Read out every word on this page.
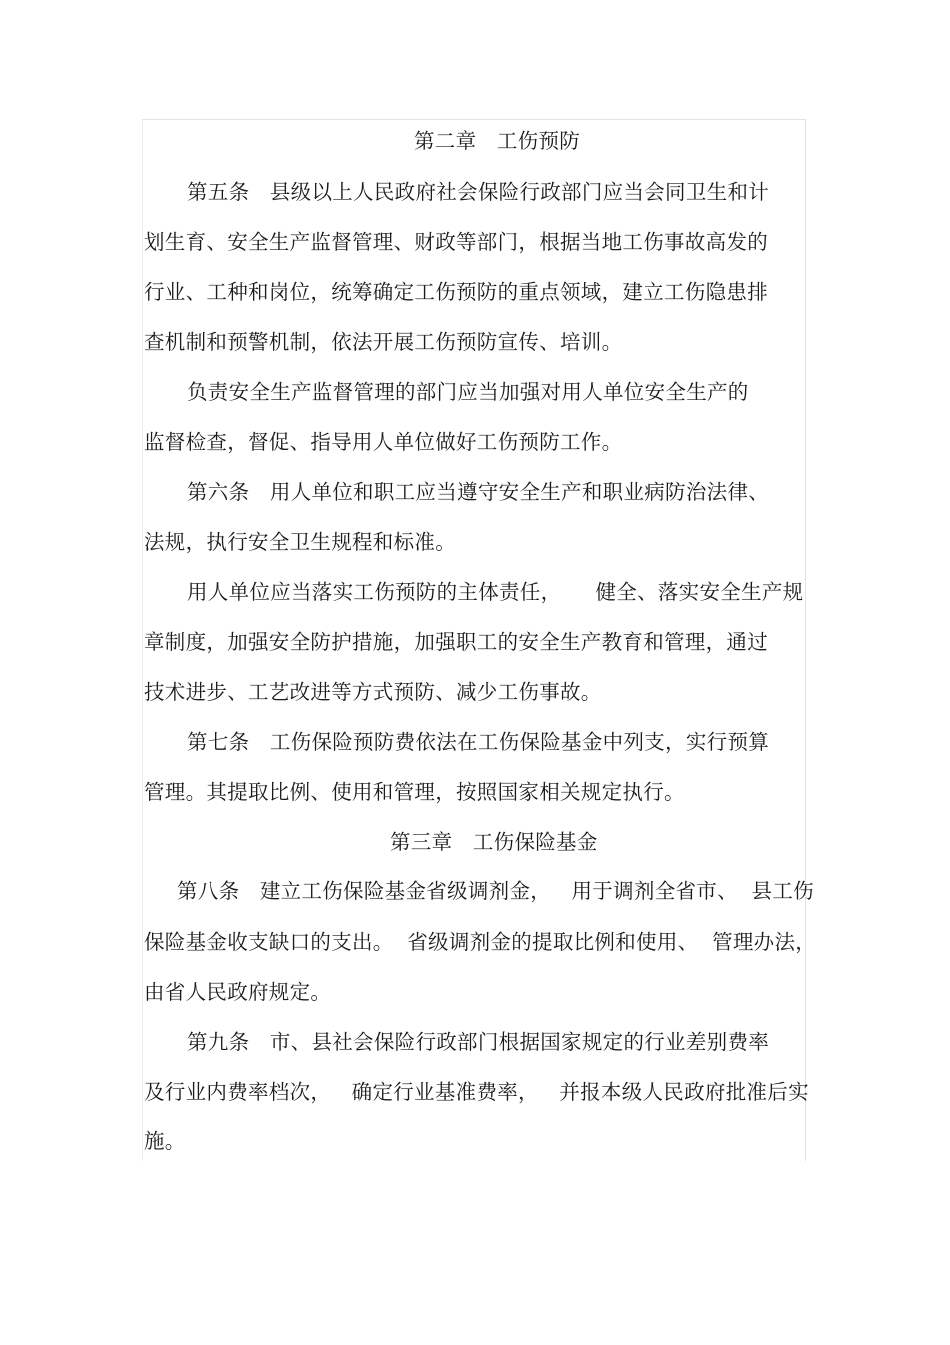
第二章   工伤预防
第五条   县级以上人民政府社会保险行政部门应当会同卫生和计
划生育、安全生产监督管理、财政等部门，根据当地工伤事故高发的
行业、工种和岗位，统筹确定工伤预防的重点领域，建立工伤隐患排
查机制和预警机制，依法开展工伤预防宣传、培训。
负责安全生产监督管理的部门应当加强对用人单位安全生产的
监督检查，督促、指导用人单位做好工伤预防工作。
第六条   用人单位和职工应当遵守安全生产和职业病防治法律、
法规，执行安全卫生规程和标准。
用人单位应当落实工伤预防的主体责任，     健全、落实安全生产规
章制度，加强安全防护措施，加强职工的安全生产教育和管理，通过
技术进步、工艺改进等方式预防、减少工伤事故。
第七条   工伤保险预防费依法在工伤保险基金中列支，实行预算
管理。其提取比例、使用和管理，按照国家相关规定执行。
第三章   工伤保险基金
第八条   建立工伤保险基金省级调剂金，   用于调剂全省市、  县工伤
保险基金收支缺口的支出。  省级调剂金的提取比例和使用、  管理办法，
由省人民政府规定。
第九条   市、县社会保险行政部门根据国家规定的行业差别费率
及行业内费率档次，   确定行业基准费率，   并报本级人民政府批准后实
施。
